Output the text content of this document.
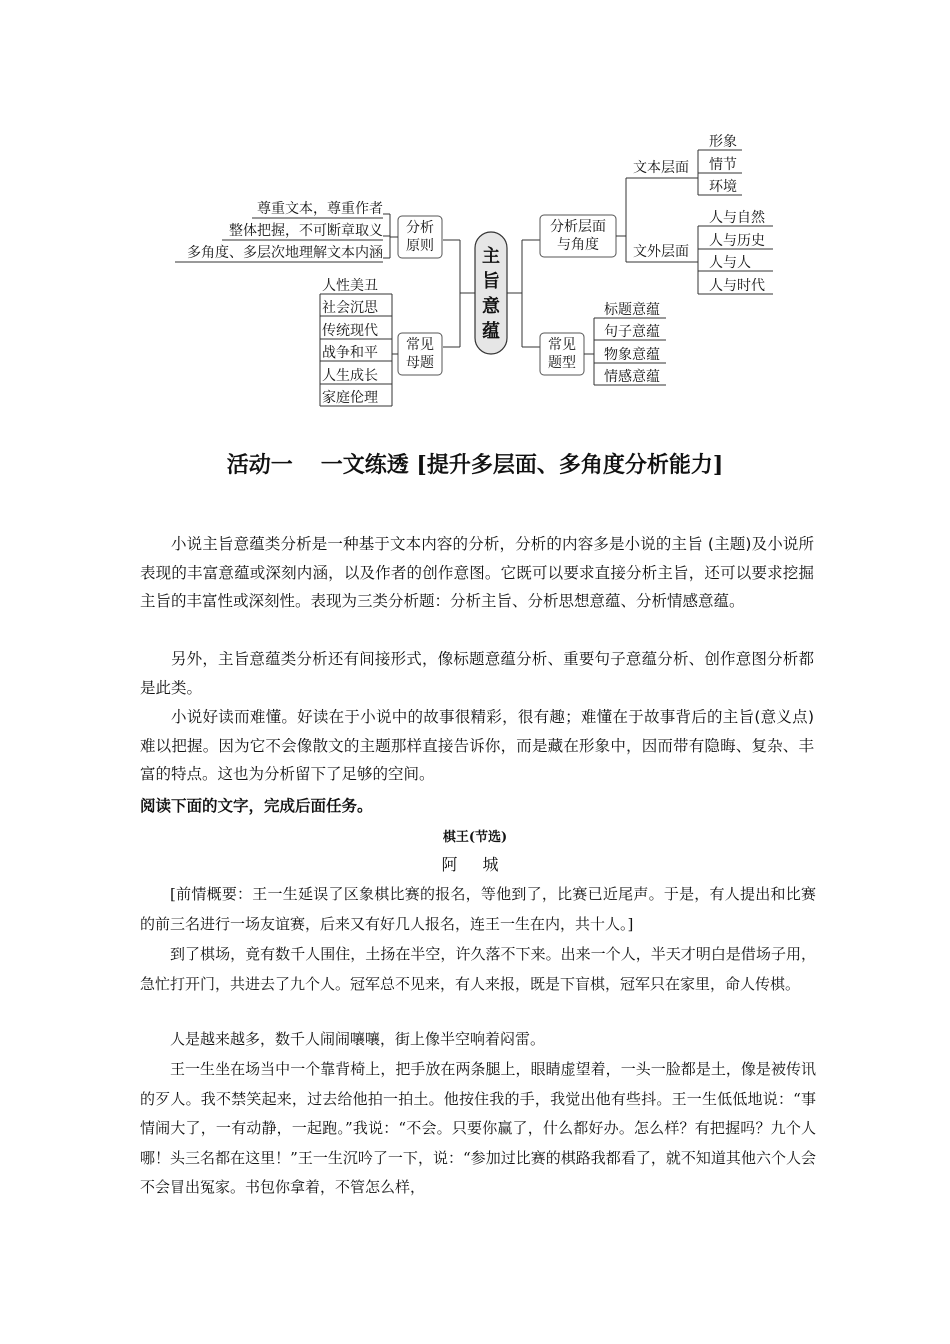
主
旨
意
蕴
分析
原则
尊重文本，尊重作者
整体把握，不可断章取义
多角度、多层次地理解文本内涵
常见
母题
人性美丑
社会沉思
传统现代
战争和平
人生成长
家庭伦理
分析层面
与角度
文本层面
形象
情节
环境
文外层面
人与自然
人与历史
人与人
人与时代
常见
题型
标题意蕴
句子意蕴
物象意蕴
情感意蕴
活动一 一文练透 [提升多层面、多角度分析能力]

小说主旨意蕴类分析是一种基于文本内容的分析，分析的内容多是小说的主旨 (主题)及小说所表现的丰富意蕴或深刻内涵，以及作者的创作意图。它既可以要求直接分析主旨，还可以要求挖掘主旨的丰富性或深刻性。表现为三类分析题：分析主旨、分析思想意蕴、分析情感意蕴。

另外，主旨意蕴类分析还有间接形式，像标题意蕴分析、重要句子意蕴分析、创作意图分析都是此类。

小说好读而难懂。好读在于小说中的故事很精彩，很有趣；难懂在于故事背后的主旨(意义点)难以把握。因为它不会像散文的主题那样直接告诉你，而是藏在形象中，因而带有隐晦、复杂、丰富的特点。这也为分析留下了足够的空间。

阅读下面的文字，完成后面任务。

棋王(节选)

阿 城

[前情概要：王一生延误了区象棋比赛的报名，等他到了，比赛已近尾声。于是，有人提出和比赛的前三名进行一场友谊赛，后来又有好几人报名，连王一生在内，共十人。]

到了棋场，竟有数千人围住，土扬在半空，许久落不下来。出来一个人，半天才明白是借场子用，急忙打开门，共进去了九个人。冠军总不见来，有人来报，既是下盲棋，冠军只在家里，命人传棋。

人是越来越多，数千人闹闹嚷嚷，街上像半空响着闷雷。

王一生坐在场当中一个靠背椅上，把手放在两条腿上，眼睛虚望着，一头一脸都是土，像是被传讯的歹人。我不禁笑起来，过去给他拍一拍土。他按住我的手，我觉出他有些抖。王一生低低地说：“事情闹大了，一有动静，一起跑。”我说：“不会。只要你赢了，什么都好办。怎么样？有把握吗？九个人哪！头三名都在这里！”王一生沉吟了一下，说：“参加过比赛的棋路我都看了，就不知道其他六个人会不会冒出冤家。书包你拿着，不管怎么样，
